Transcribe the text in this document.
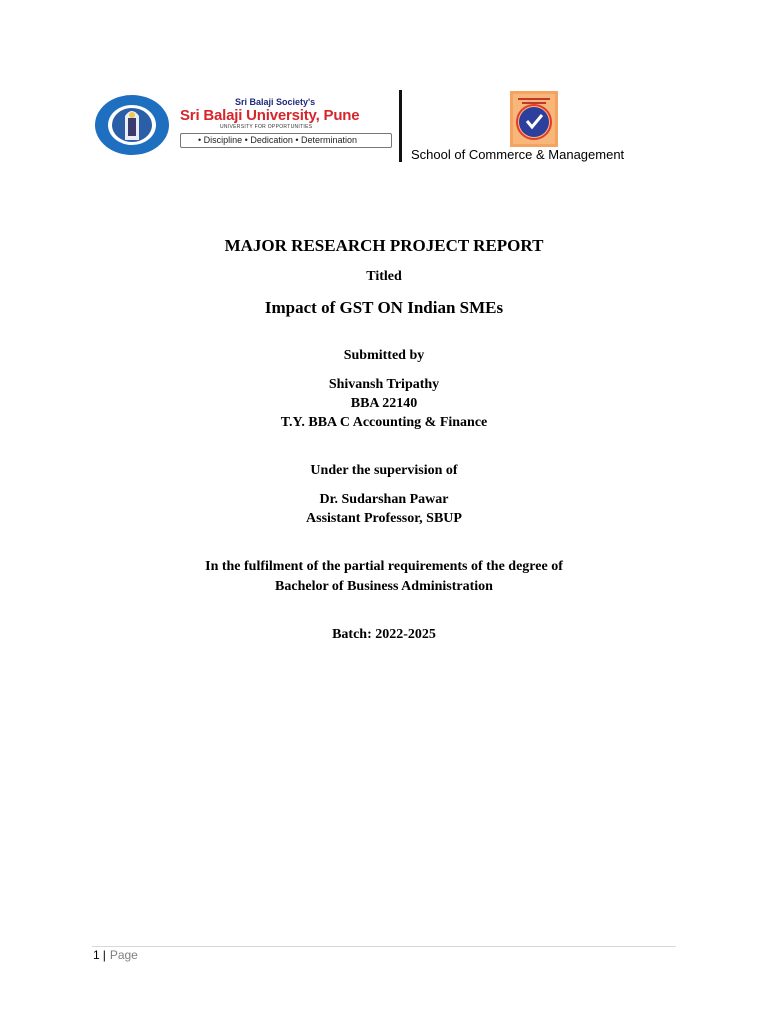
Sri Balaji Society's
Sri Balaji University, Pune
UNIVERSITY FOR OPPORTUNITIES
• Discipline • Dedication • Determination
School of Commerce & Management
MAJOR RESEARCH PROJECT REPORT
Titled
Impact of GST ON Indian SMEs
Submitted by
Shivansh Tripathy
BBA 22140
T.Y. BBA C Accounting & Finance
Under the supervision of
Dr. Sudarshan Pawar
Assistant Professor, SBUP
In the fulfilment of the partial requirements of the degree of
Bachelor of Business Administration
Batch: 2022-2025
1 | Page
